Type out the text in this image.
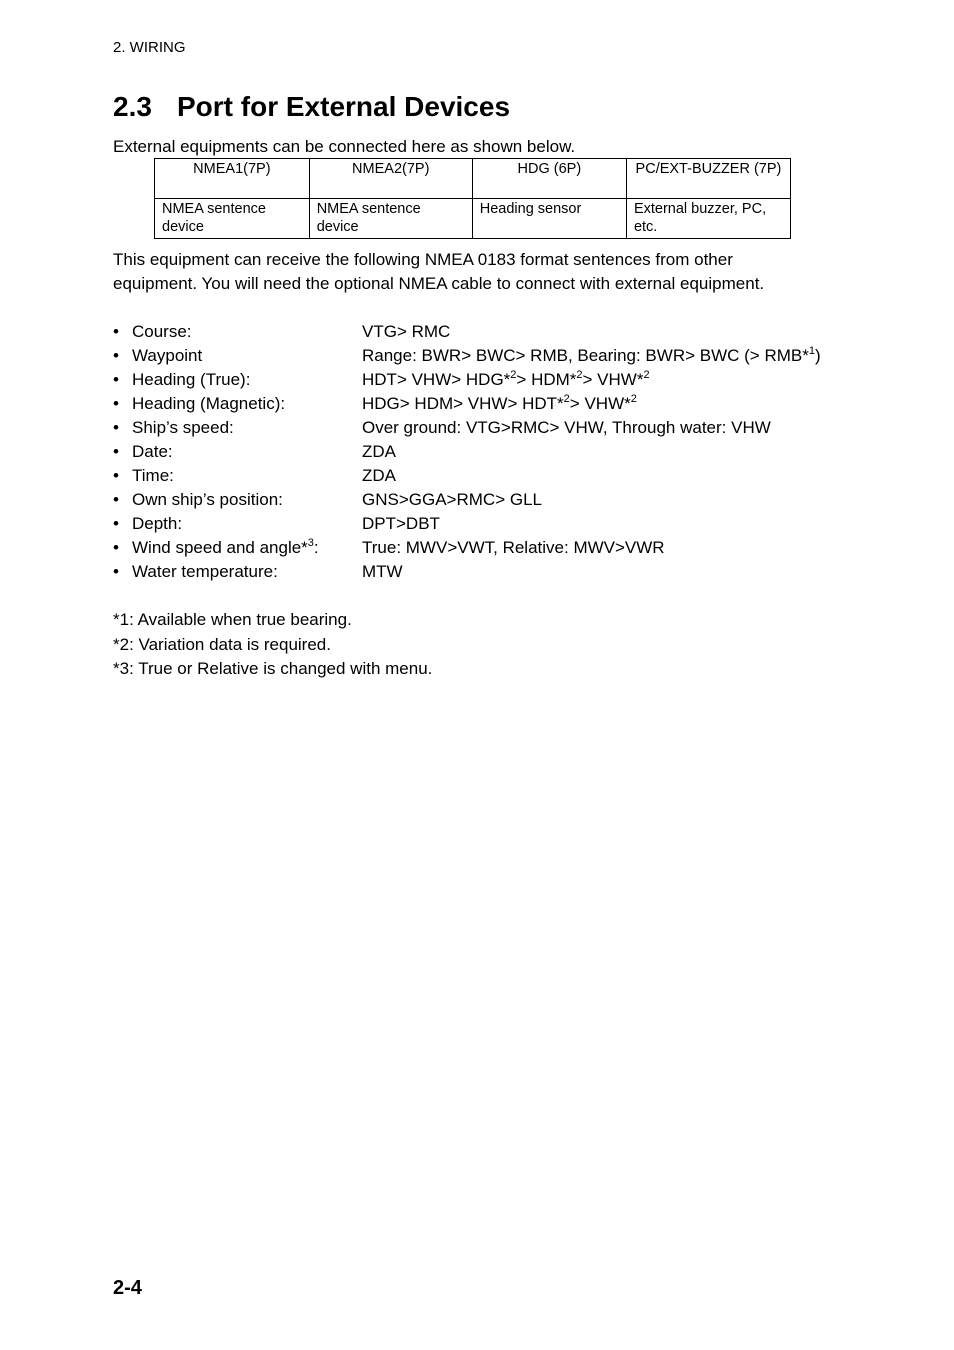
2. WIRING
2.3 Port for External Devices
External equipments can be connected here as shown below.
NMEA1(7P)	NMEA2(7P)	HDG (6P)	PC/EXT-BUZZER (7P)
NMEA sentence device	NMEA sentence device	Heading sensor	External buzzer, PC, etc.

This equipment can receive the following NMEA 0183 format sentences from other

equipment. You will need the optional NMEA cable to connect with external equipment.

• Course:	VTG> RMC
• Waypoint	Range: BWR> BWC> RMB, Bearing: BWR> BWC (> RMB*$^1$)
• Heading (True):	HDT> VHW> HDG*$^2$> HDM*$^2$> VHW*$^2$
• Heading (Magnetic):	HDG> HDM> VHW> HDT*$^2$> VHW*$^2$
• Ship’s speed:	Over ground: VTG>RMC> VHW, Through water: VHW
• Date:	ZDA
• Time:	ZDA
• Own ship’s position:	GNS>GGA>RMC> GLL
• Depth:	DPT>DBT
• Wind speed and angle*$^3$:	True: MWV>VWT, Relative: MWV>VWR
• Water temperature:	MTW
*1: Available when true bearing.
*2: Variation data is required.
*3: True or Relative is changed with menu.
2-4
